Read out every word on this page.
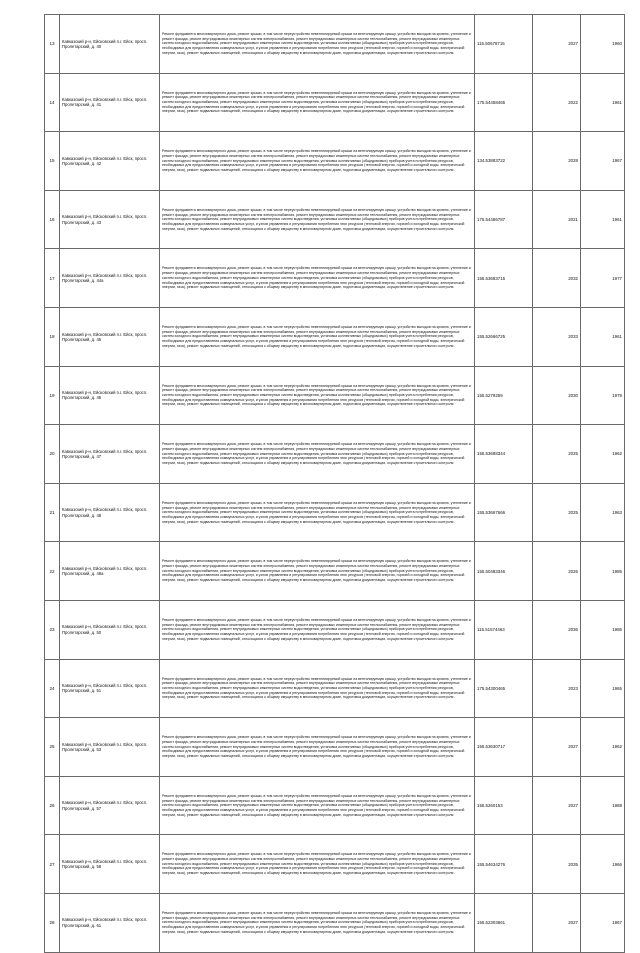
13	Кавказский р-н, Ейсковский п.г. Ейск, просп. Пролетарский, д. 40	Ремонт фундамента многоквартирного дома, ремонт крыши, в том числе переустройство невентилируемой крыши на вентилируемую крышу, устройство выходов на кровлю, утепление и ремонт фасада, ремонт внутридомовых инженерных систем электроснабжения, ремонт внутридомовых инженерных систем теплоснабжения, ремонт внутридомовых инженерных систем холодного водоснабжения, ремонт внутридомовых инженерных систем водоотведения, установка коллективных (общедомовых) приборов учета потребления ресурсов, необходимых для предоставления коммунальных услуг, и узлов управления и регулирования потребления этих ресурсов (тепловой энергии, горячей и холодной воды, электрической энергии, газа), ремонт подвальных помещений, относящихся к общему имуществу в многоквартирном доме, подготовка документации, осуществление строительного контроля	115.50678715	2027	1960
14	Кавказский р-н, Ейсковский п.г. Ейск, просп. Пролетарский, д. 41	Ремонт фундамента многоквартирного дома, ремонт крыши, в том числе переустройство невентилируемой крыши на вентилируемую крышу, устройство выходов на кровлю, утепление и ремонт фасада, ремонт внутридомовых инженерных систем электроснабжения, ремонт внутридомовых инженерных систем теплоснабжения, ремонт внутридомовых инженерных систем холодного водоснабжения, ремонт внутридомовых инженерных систем водоотведения, установка коллективных (общедомовых) приборов учета потребления ресурсов, необходимых для предоставления коммунальных услуг, и узлов управления и регулирования потребления этих ресурсов (тепловой энергии, горячей и холодной воды, электрической энергии, газа), ремонт подвальных помещений, относящихся к общему имуществу в многоквартирном доме, подготовка документации, осуществление строительного контроля	175.54458465	2022	1961
15	Кавказский р-н, Ейсковский п.г. Ейск, просп. Пролетарский, д. 42	Ремонт фундамента многоквартирного дома, ремонт крыши, в том числе переустройство невентилируемой крыши на вентилируемую крышу, устройство выходов на кровлю, утепление и ремонт фасада, ремонт внутридомовых инженерных систем электроснабжения, ремонт внутридомовых инженерных систем теплоснабжения, ремонт внутридомовых инженерных систем холодного водоснабжения, ремонт внутридомовых инженерных систем водоотведения, установка коллективных (общедомовых) приборов учета потребления ресурсов, необходимых для предоставления коммунальных услуг, и узлов управления и регулирования потребления этих ресурсов (тепловой энергии, горячей и холодной воды, электрической энергии, газа), ремонт подвальных помещений, относящихся к общему имуществу в многоквартирном доме, подготовка документации, осуществление строительного контроля	134.53883722	2028	1967
16	Кавказский р-н, Ейсковский п.г. Ейск, просп. Пролетарский, д. 43	Ремонт фундамента многоквартирного дома, ремонт крыши, в том числе переустройство невентилируемой крыши на вентилируемую крышу, устройство выходов на кровлю, утепление и ремонт фасада, ремонт внутридомовых инженерных систем электроснабжения, ремонт внутридомовых инженерных систем теплоснабжения, ремонт внутридомовых инженерных систем холодного водоснабжения, ремонт внутридомовых инженерных систем водоотведения, установка коллективных (общедомовых) приборов учета потребления ресурсов, необходимых для предоставления коммунальных услуг, и узлов управления и регулирования потребления этих ресурсов (тепловой энергии, горячей и холодной воды, электрической энергии, газа), ремонт подвальных помещений, относящихся к общему имуществу в многоквартирном доме, подготовка документации, осуществление строительного контроля	175.54486787	2021	1961
17	Кавказский р-н, Ейсковский п.г. Ейск, просп. Пролетарский, д. 44а	Ремонт фундамента многоквартирного дома, ремонт крыши, в том числе переустройство невентилируемой крыши на вентилируемую крышу, устройство выходов на кровлю, утепление и ремонт фасада, ремонт внутридомовых инженерных систем электроснабжения, ремонт внутридомовых инженерных систем теплоснабжения, ремонт внутридомовых инженерных систем холодного водоснабжения, ремонт внутридомовых инженерных систем водоотведения, установка коллективных (общедомовых) приборов учета потребления ресурсов, необходимых для предоставления коммунальных услуг, и узлов управления и регулирования потребления этих ресурсов (тепловой энергии, горячей и холодной воды, электрической энергии, газа), ремонт подвальных помещений, относящихся к общему имуществу в многоквартирном доме, подготовка документации, осуществление строительного контроля	155.53683715	2032	1977
18	Кавказский р-н, Ейсковский п.г. Ейск, просп. Пролетарский, д. 45	Ремонт фундамента многоквартирного дома, ремонт крыши, в том числе переустройство невентилируемой крыши на вентилируемую крышу, устройство выходов на кровлю, утепление и ремонт фасада, ремонт внутридомовых инженерных систем электроснабжения, ремонт внутридомовых инженерных систем теплоснабжения, ремонт внутридомовых инженерных систем холодного водоснабжения, ремонт внутридомовых инженерных систем водоотведения, установка коллективных (общедомовых) приборов учета потребления ресурсов, необходимых для предоставления коммунальных услуг, и узлов управления и регулирования потребления этих ресурсов (тепловой энергии, горячей и холодной воды, электрической энергии, газа), ремонт подвальных помещений, относящихся к общему имуществу в многоквартирном доме, подготовка документации, осуществление строительного контроля	155.52666725	2033	1961
19	Кавказский р-н, Ейсковский п.г. Ейск, просп. Пролетарский, д. 46	Ремонт фундамента многоквартирного дома, ремонт крыши, в том числе переустройство невентилируемой крыши на вентилируемую крышу, устройство выходов на кровлю, утепление и ремонт фасада, ремонт внутридомовых инженерных систем электроснабжения, ремонт внутридомовых инженерных систем теплоснабжения, ремонт внутридомовых инженерных систем холодного водоснабжения, ремонт внутридомовых инженерных систем водоотведения, установка коллективных (общедомовых) приборов учета потребления ресурсов, необходимых для предоставления коммунальных услуг, и узлов управления и регулирования потребления этих ресурсов (тепловой энергии, горячей и холодной воды, электрической энергии, газа), ремонт подвальных помещений, относящихся к общему имуществу в многоквартирном доме, подготовка документации, осуществление строительного контроля	155.5279259	2030	1979
20	Кавказский р-н, Ейсковский п.г. Ейск, просп. Пролетарский, д. 47	Ремонт фундамента многоквартирного дома, ремонт крыши, в том числе переустройство невентилируемой крыши на вентилируемую крышу, устройство выходов на кровлю, утепление и ремонт фасада, ремонт внутридомовых инженерных систем электроснабжения, ремонт внутридомовых инженерных систем теплоснабжения, ремонт внутридомовых инженерных систем холодного водоснабжения, ремонт внутридомовых инженерных систем водоотведения, установка коллективных (общедомовых) приборов учета потребления ресурсов, необходимых для предоставления коммунальных услуг, и узлов управления и регулирования потребления этих ресурсов (тепловой энергии, горячей и холодной воды, электрической энергии, газа), ремонт подвальных помещений, относящихся к общему имуществу в многоквартирном доме, подготовка документации, осуществление строительного контроля	155.53688344	2025	1962
21	Кавказский р-н, Ейсковский п.г. Ейск, просп. Пролетарский, д. 48	Ремонт фундамента многоквартирного дома, ремонт крыши, в том числе переустройство невентилируемой крыши на вентилируемую крышу, устройство выходов на кровлю, утепление и ремонт фасада, ремонт внутридомовых инженерных систем электроснабжения, ремонт внутридомовых инженерных систем теплоснабжения, ремонт внутридомовых инженерных систем холодного водоснабжения, ремонт внутридомовых инженерных систем водоотведения, установка коллективных (общедомовых) приборов учета потребления ресурсов, необходимых для предоставления коммунальных услуг, и узлов управления и регулирования потребления этих ресурсов (тепловой энергии, горячей и холодной воды, электрической энергии, газа), ремонт подвальных помещений, относящихся к общему имуществу в многоквартирном доме, подготовка документации, осуществление строительного контроля	155.53667666	2025	1963
22	Кавказский р-н, Ейсковский п.г. Ейск, просп. Пролетарский, д. 48а	Ремонт фундамента многоквартирного дома, ремонт крыши, в том числе переустройство невентилируемой крыши на вентилируемую крышу, устройство выходов на кровлю, утепление и ремонт фасада, ремонт внутридомовых инженерных систем электроснабжения, ремонт внутридомовых инженерных систем теплоснабжения, ремонт внутридомовых инженерных систем холодного водоснабжения, ремонт внутридомовых инженерных систем водоотведения, установка коллективных (общедомовых) приборов учета потребления ресурсов, необходимых для предоставления коммунальных услуг, и узлов управления и регулирования потребления этих ресурсов (тепловой энергии, горячей и холодной воды, электрической энергии, газа), ремонт подвальных помещений, относящихся к общему имуществу в многоквартирном доме, подготовка документации, осуществление строительного контроля	155.50483346	2026	1985
23	Кавказский р-н, Ейсковский п.г. Ейск, просп. Пролетарский, д. 50	Ремонт фундамента многоквартирного дома, ремонт крыши, в том числе переустройство невентилируемой крыши на вентилируемую крышу, устройство выходов на кровлю, утепление и ремонт фасада, ремонт внутридомовых инженерных систем электроснабжения, ремонт внутридомовых инженерных систем теплоснабжения, ремонт внутридомовых инженерных систем холодного водоснабжения, ремонт внутридомовых инженерных систем водоотведения, установка коллективных (общедомовых) приборов учета потребления ресурсов, необходимых для предоставления коммунальных услуг, и узлов управления и регулирования потребления этих ресурсов (тепловой энергии, горячей и холодной воды, электрической энергии, газа), ремонт подвальных помещений, относящихся к общему имуществу в многоквартирном доме, подготовка документации, осуществление строительного контроля	115.51574463	2036	1986
24	Кавказский р-н, Ейсковский п.г. Ейск, просп. Пролетарский, д. 51	Ремонт фундамента многоквартирного дома, ремонт крыши, в том числе переустройство невентилируемой крыши на вентилируемую крышу, устройство выходов на кровлю, утепление и ремонт фасада, ремонт внутридомовых инженерных систем электроснабжения, ремонт внутридомовых инженерных систем теплоснабжения, ремонт внутридомовых инженерных систем холодного водоснабжения, ремонт внутридомовых инженерных систем водоотведения, установка коллективных (общедомовых) приборов учета потребления ресурсов, необходимых для предоставления коммунальных услуг, и узлов управления и регулирования потребления этих ресурсов (тепловой энергии, горячей и холодной воды, электрической энергии, газа), ремонт подвальных помещений, относящихся к общему имуществу в многоквартирном доме, подготовка документации, осуществление строительного контроля	175.54300465	2023	1965
25	Кавказский р-н, Ейсковский п.г. Ейск, просп. Пролетарский, д. 53	Ремонт фундамента многоквартирного дома, ремонт крыши, в том числе переустройство невентилируемой крыши на вентилируемую крышу, устройство выходов на кровлю, утепление и ремонт фасада, ремонт внутридомовых инженерных систем электроснабжения, ремонт внутридомовых инженерных систем теплоснабжения, ремонт внутридомовых инженерных систем холодного водоснабжения, ремонт внутридомовых инженерных систем водоотведения, установка коллективных (общедомовых) приборов учета потребления ресурсов, необходимых для предоставления коммунальных услуг, и узлов управления и регулирования потребления этих ресурсов (тепловой энергии, горячей и холодной воды, электрической энергии, газа), ремонт подвальных помещений, относящихся к общему имуществу в многоквартирном доме, подготовка документации, осуществление строительного контроля	155.53630717	2027	1962
26	Кавказский р-н, Ейсковский п.г. Ейск, просп. Пролетарский, д. 57	Ремонт фундамента многоквартирного дома, ремонт крыши, в том числе переустройство невентилируемой крыши на вентилируемую крышу, устройство выходов на кровлю, утепление и ремонт фасада, ремонт внутридомовых инженерных систем электроснабжения, ремонт внутридомовых инженерных систем теплоснабжения, ремонт внутридомовых инженерных систем холодного водоснабжения, ремонт внутридомовых инженерных систем водоотведения, установка коллективных (общедомовых) приборов учета потребления ресурсов, необходимых для предоставления коммунальных услуг, и узлов управления и регулирования потребления этих ресурсов (тепловой энергии, горячей и холодной воды, электрической энергии, газа), ремонт подвальных помещений, относящихся к общему имуществу в многоквартирном доме, подготовка документации, осуществление строительного контроля	155.5260153	2027	1988
27	Кавказский р-н, Ейсковский п.г. Ейск, просп. Пролетарский, д. 58	Ремонт фундамента многоквартирного дома, ремонт крыши, в том числе переустройство невентилируемой крыши на вентилируемую крышу, устройство выходов на кровлю, утепление и ремонт фасада, ремонт внутридомовых инженерных систем электроснабжения, ремонт внутридомовых инженерных систем теплоснабжения, ремонт внутридомовых инженерных систем холодного водоснабжения, ремонт внутридомовых инженерных систем водоотведения, установка коллективных (общедомовых) приборов учета потребления ресурсов, необходимых для предоставления коммунальных услуг, и узлов управления и регулирования потребления этих ресурсов (тепловой энергии, горячей и холодной воды, электрической энергии, газа), ремонт подвальных помещений, относящихся к общему имуществу в многоквартирном доме, подготовка документации, осуществление строительного контроля	155.54634276	2035	1966
28	Кавказский р-н, Ейсковский п.г. Ейск, просп. Пролетарский, д. 61	Ремонт фундамента многоквартирного дома, ремонт крыши, в том числе переустройство невентилируемой крыши на вентилируемую крышу, устройство выходов на кровлю, утепление и ремонт фасада, ремонт внутридомовых инженерных систем электроснабжения, ремонт внутридомовых инженерных систем теплоснабжения, ремонт внутридомовых инженерных систем холодного водоснабжения, ремонт внутридомовых инженерных систем водоотведения, установка коллективных (общедомовых) приборов учета потребления ресурсов, необходимых для предоставления коммунальных услуг, и узлов управления и регулирования потребления этих ресурсов (тепловой энергии, горячей и холодной воды, электрической энергии, газа), ремонт подвальных помещений, относящихся к общему имуществу в многоквартирном доме, подготовка документации, осуществление строительного контроля	155.52303661	2027	1967
